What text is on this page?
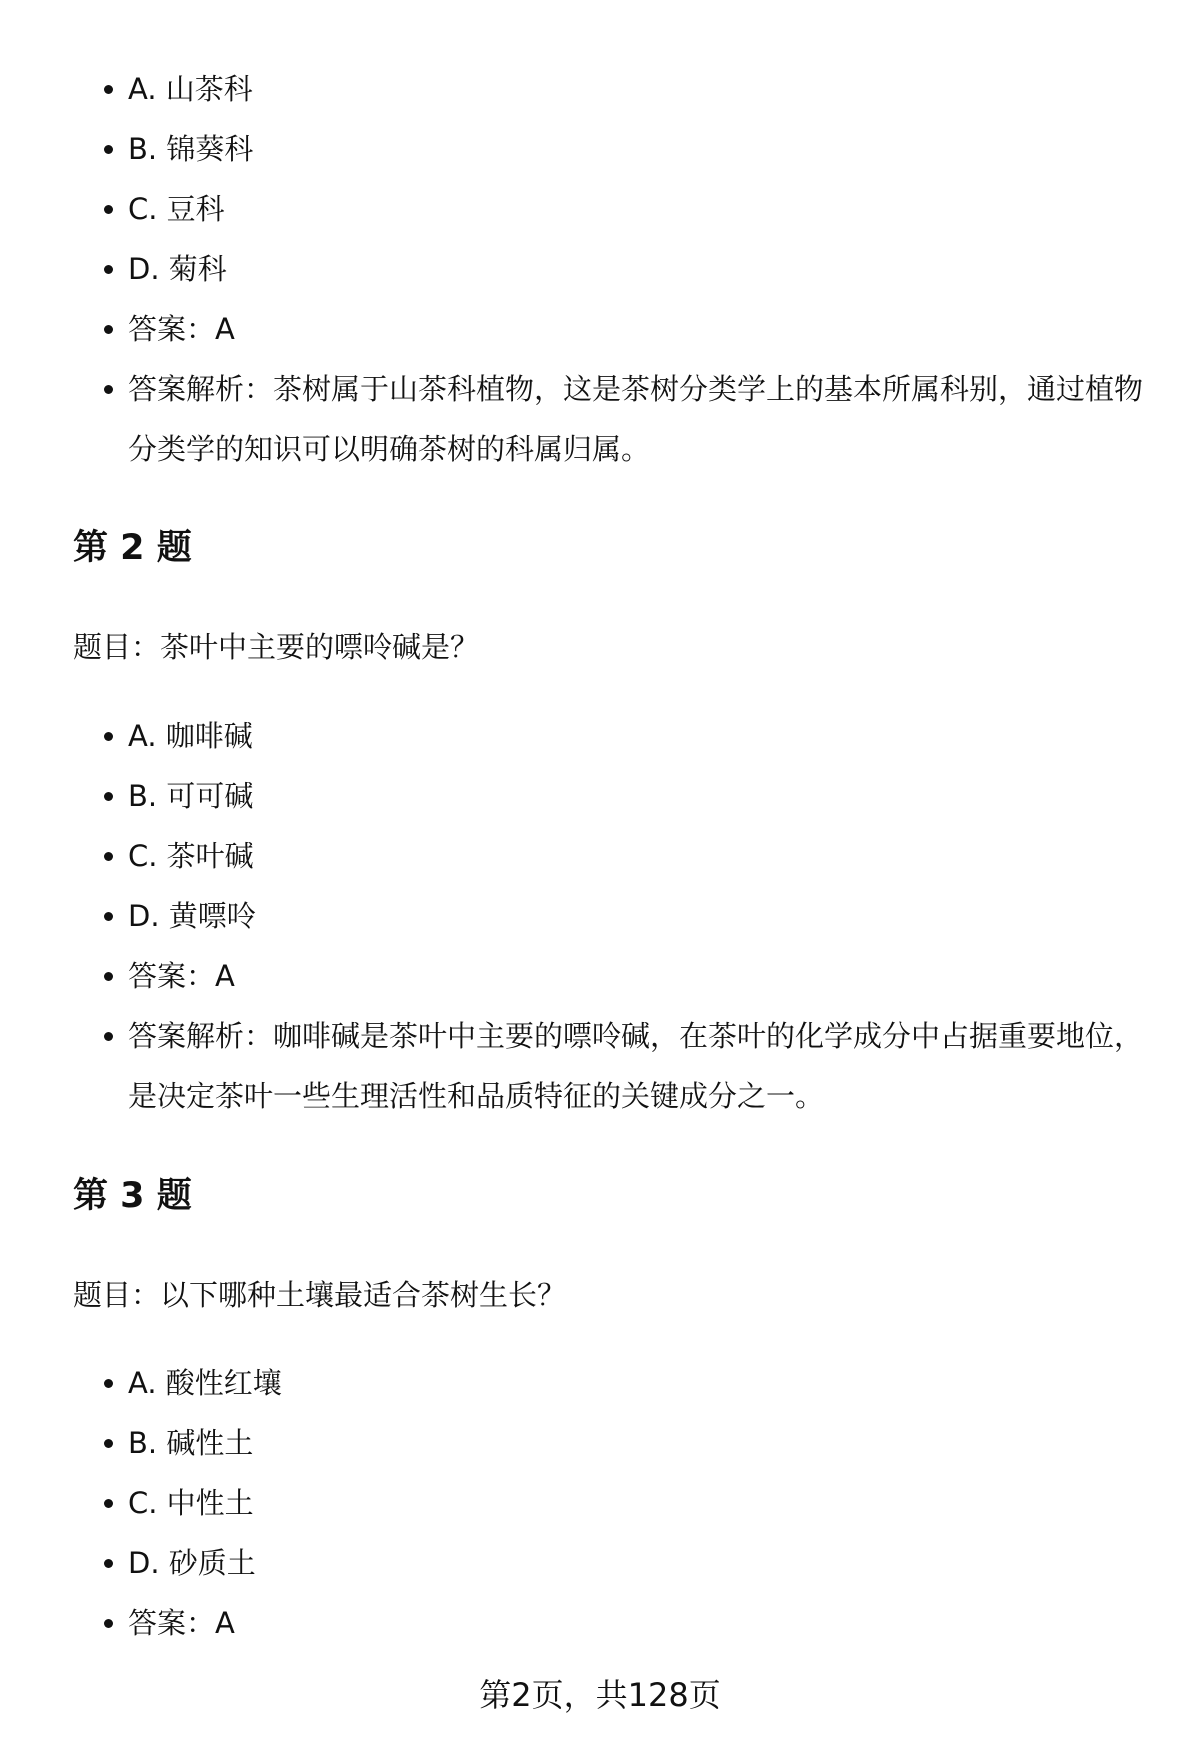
A. 山茶科
B. 锦葵科
C. 豆科
D. 菊科
答案：A
答案解析：茶树属于山茶科植物，这是茶树分类学上的基本所属科别，通过植物分类学的知识可以明确茶树的科属归属。
第 2 题

题目：茶叶中主要的嘌呤碱是？

A. 咖啡碱
B. 可可碱
C. 茶叶碱
D. 黄嘌呤
答案：A
答案解析：咖啡碱是茶叶中主要的嘌呤碱，在茶叶的化学成分中占据重要地位，是决定茶叶一些生理活性和品质特征的关键成分之一。
第 3 题

题目：以下哪种土壤最适合茶树生长？

A. 酸性红壤
B. 碱性土
C. 中性土
D. 砂质土
答案：A
第2页，共128页
